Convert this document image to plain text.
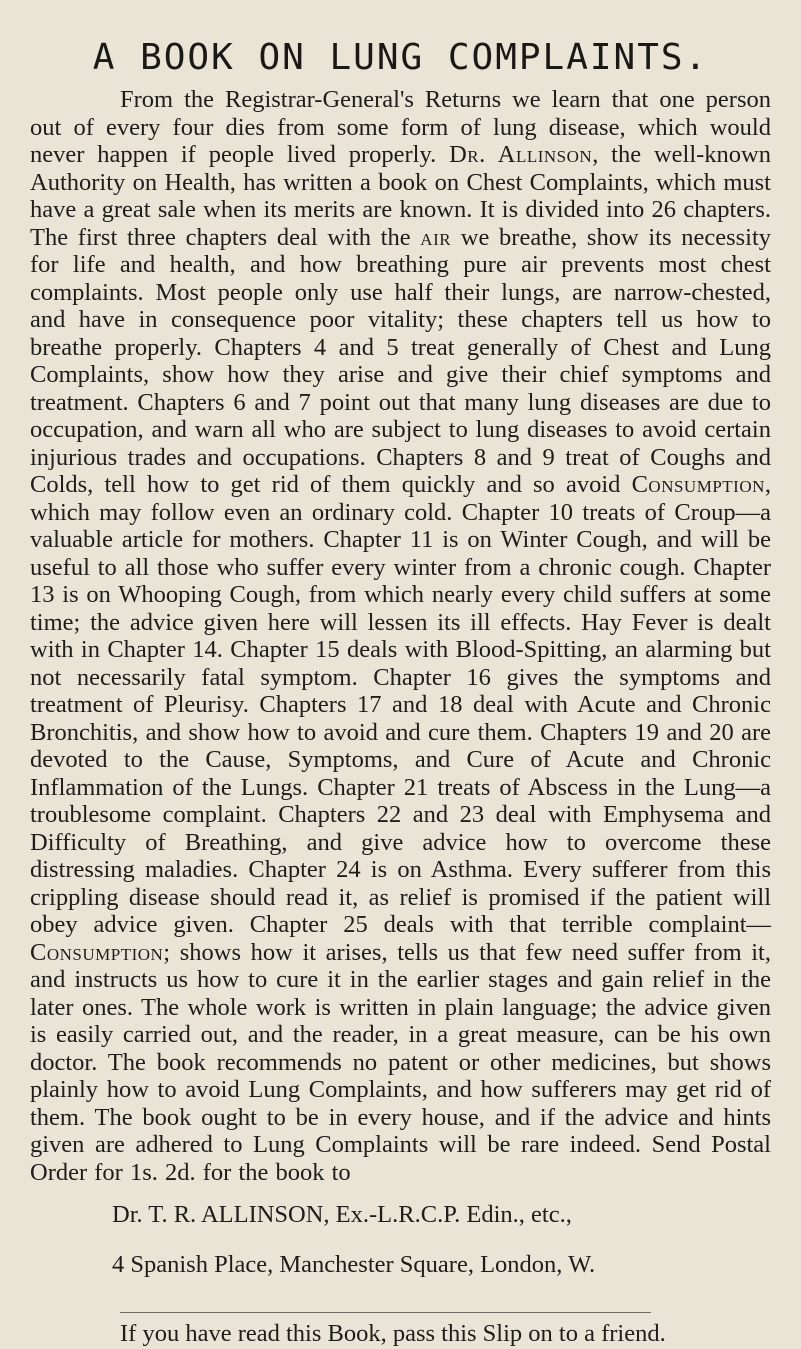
A BOOK ON LUNG COMPLAINTS.

From the Registrar-General's Returns we learn that one person out of every four dies from some form of lung disease, which would never happen if people lived properly. Dr. Allinson, the well-known Authority on Health, has written a book on Chest Complaints, which must have a great sale when its merits are known. It is divided into 26 chapters. The first three chapters deal with the air we breathe, show its necessity for life and health, and how breathing pure air prevents most chest complaints. Most people only use half their lungs, are narrow-chested, and have in consequence poor vitality; these chapters tell us how to breathe properly. Chapters 4 and 5 treat generally of Chest and Lung Complaints, show how they arise and give their chief symptoms and treatment. Chapters 6 and 7 point out that many lung diseases are due to occupation, and warn all who are subject to lung diseases to avoid certain injurious trades and occupations. Chapters 8 and 9 treat of Coughs and Colds, tell how to get rid of them quickly and so avoid Consumption, which may follow even an ordinary cold. Chapter 10 treats of Croup—a valuable article for mothers. Chapter 11 is on Winter Cough, and will be useful to all those who suffer every winter from a chronic cough. Chapter 13 is on Whooping Cough, from which nearly every child suffers at some time; the advice given here will lessen its ill effects. Hay Fever is dealt with in Chapter 14. Chapter 15 deals with Blood-Spitting, an alarming but not necessarily fatal symptom. Chapter 16 gives the symptoms and treatment of Pleurisy. Chapters 17 and 18 deal with Acute and Chronic Bronchitis, and show how to avoid and cure them. Chapters 19 and 20 are devoted to the Cause, Symptoms, and Cure of Acute and Chronic Inflammation of the Lungs. Chapter 21 treats of Abscess in the Lung—a troublesome complaint. Chapters 22 and 23 deal with Emphysema and Difficulty of Breathing, and give advice how to overcome these distressing maladies. Chapter 24 is on Asthma. Every sufferer from this crippling disease should read it, as relief is promised if the patient will obey advice given. Chapter 25 deals with that terrible complaint—Consumption; shows how it arises, tells us that few need suffer from it, and instructs us how to cure it in the earlier stages and gain relief in the later ones. The whole work is written in plain language; the advice given is easily carried out, and the reader, in a great measure, can be his own doctor. The book recommends no patent or other medicines, but shows plainly how to avoid Lung Complaints, and how sufferers may get rid of them. The book ought to be in every house, and if the advice and hints given are adhered to Lung Complaints will be rare indeed. Send Postal Order for 1s. 2d. for the book to

Dr. T. R. ALLINSON, Ex.-L.R.C.P. Edin., etc.,
4 Spanish Place, Manchester Square, London, W.
If you have read this Book, pass this Slip on to a friend.
